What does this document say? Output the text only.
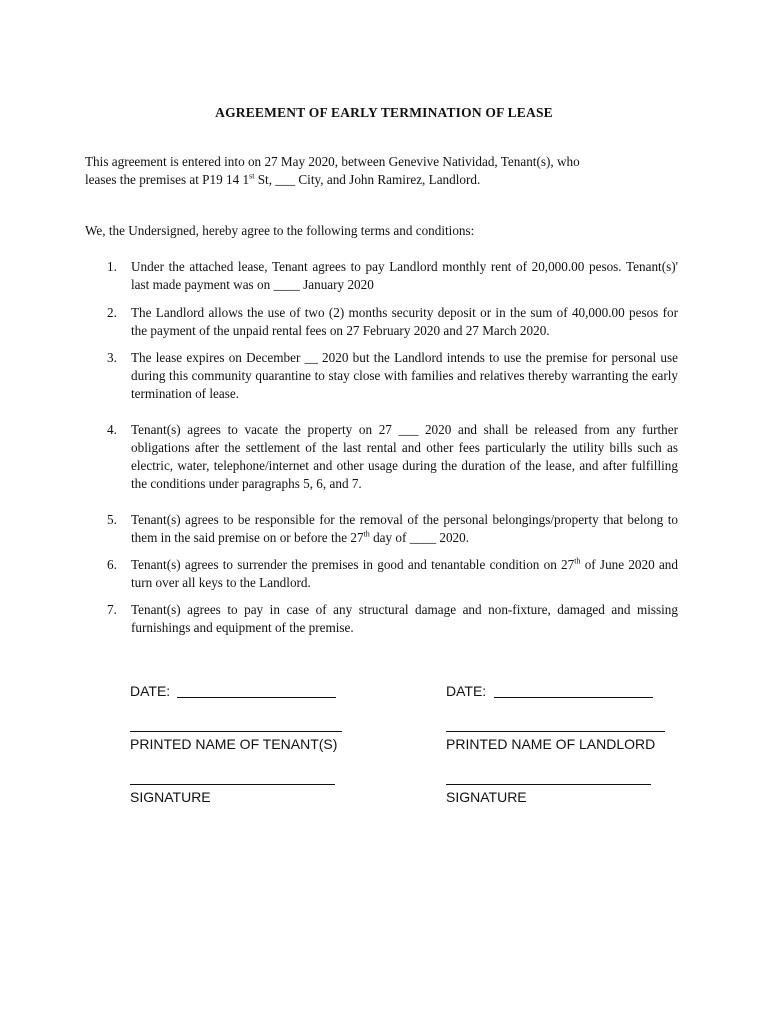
AGREEMENT OF EARLY TERMINATION OF LEASE
This agreement is entered into on 27 May 2020, between Genevive Natividad, Tenant(s), who
leases the premises at P19 14 1st St, ___ City, and John Ramirez, Landlord.
We, the Undersigned, hereby agree to the following terms and conditions:
1. Under the attached lease, Tenant agrees to pay Landlord monthly rent of 20,000.00 pesos. Tenant(s)' last made payment was on ____ January 2020
2. The Landlord allows the use of two (2) months security deposit or in the sum of 40,000.00 pesos for the payment of the unpaid rental fees on 27 February 2020 and 27 March 2020.
3. The lease expires on December __ 2020 but the Landlord intends to use the premise for personal use during this community quarantine to stay close with families and relatives thereby warranting the early termination of lease.
4. Tenant(s) agrees to vacate the property on 27 ___ 2020 and shall be released from any further obligations after the settlement of the last rental and other fees particularly the utility bills such as electric, water, telephone/internet and other usage during the duration of the lease, and after fulfilling the conditions under paragraphs 5, 6, and 7.
5. Tenant(s) agrees to be responsible for the removal of the personal belongings/property that belong to them in the said premise on or before the 27th day of ____ 2020.
6. Tenant(s) agrees to surrender the premises in good and tenantable condition on 27th of June 2020 and turn over all keys to the Landlord.
7. Tenant(s) agrees to pay in case of any structural damage and non-fixture, damaged and missing furnishings and equipment of the premise.
DATE:
PRINTED NAME OF TENANT(S)
SIGNATURE
DATE:
PRINTED NAME OF LANDLORD
SIGNATURE
